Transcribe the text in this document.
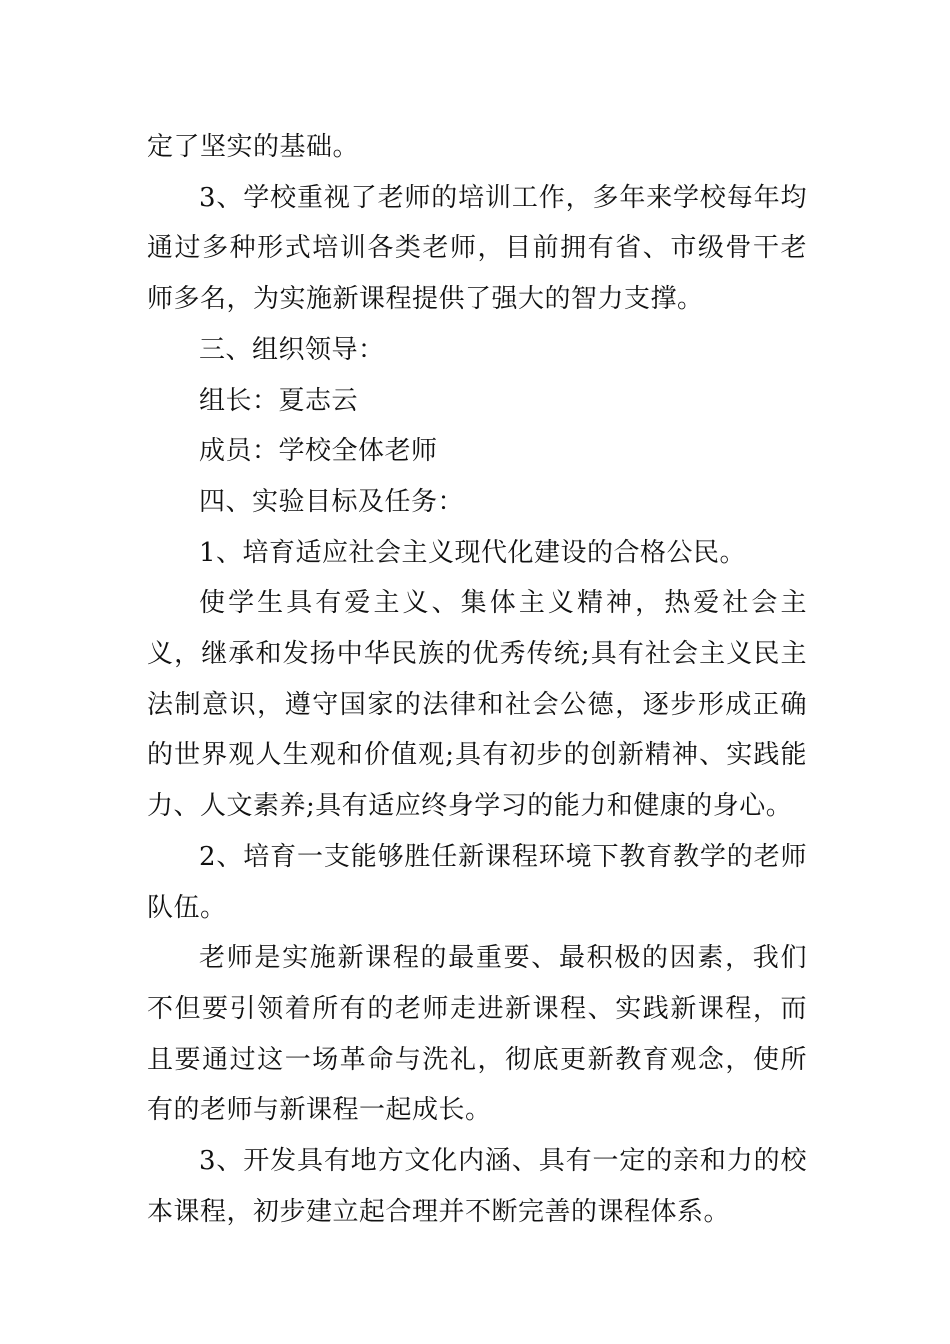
定了坚实的基础。

3、学校重视了老师的培训工作，多年来学校每年均通过多种形式培训各类老师，目前拥有省、市级骨干老师多名，为实施新课程提供了强大的智力支撑。

三、组织领导：

组长：夏志云

成员：学校全体老师

四、实验目标及任务：

1、培育适应社会主义现代化建设的合格公民。

使学生具有爱主义、集体主义精神，热爱社会主义，继承和发扬中华民族的优秀传统;具有社会主义民主法制意识，遵守国家的法律和社会公德，逐步形成正确的世界观人生观和价值观;具有初步的创新精神、实践能力、人文素养;具有适应终身学习的能力和健康的身心。

2、培育一支能够胜任新课程环境下教育教学的老师队伍。

老师是实施新课程的最重要、最积极的因素，我们不但要引领着所有的老师走进新课程、实践新课程，而且要通过这一场革命与洗礼，彻底更新教育观念，使所有的老师与新课程一起成长。

3、开发具有地方文化内涵、具有一定的亲和力的校本课程，初步建立起合理并不断完善的课程体系。
